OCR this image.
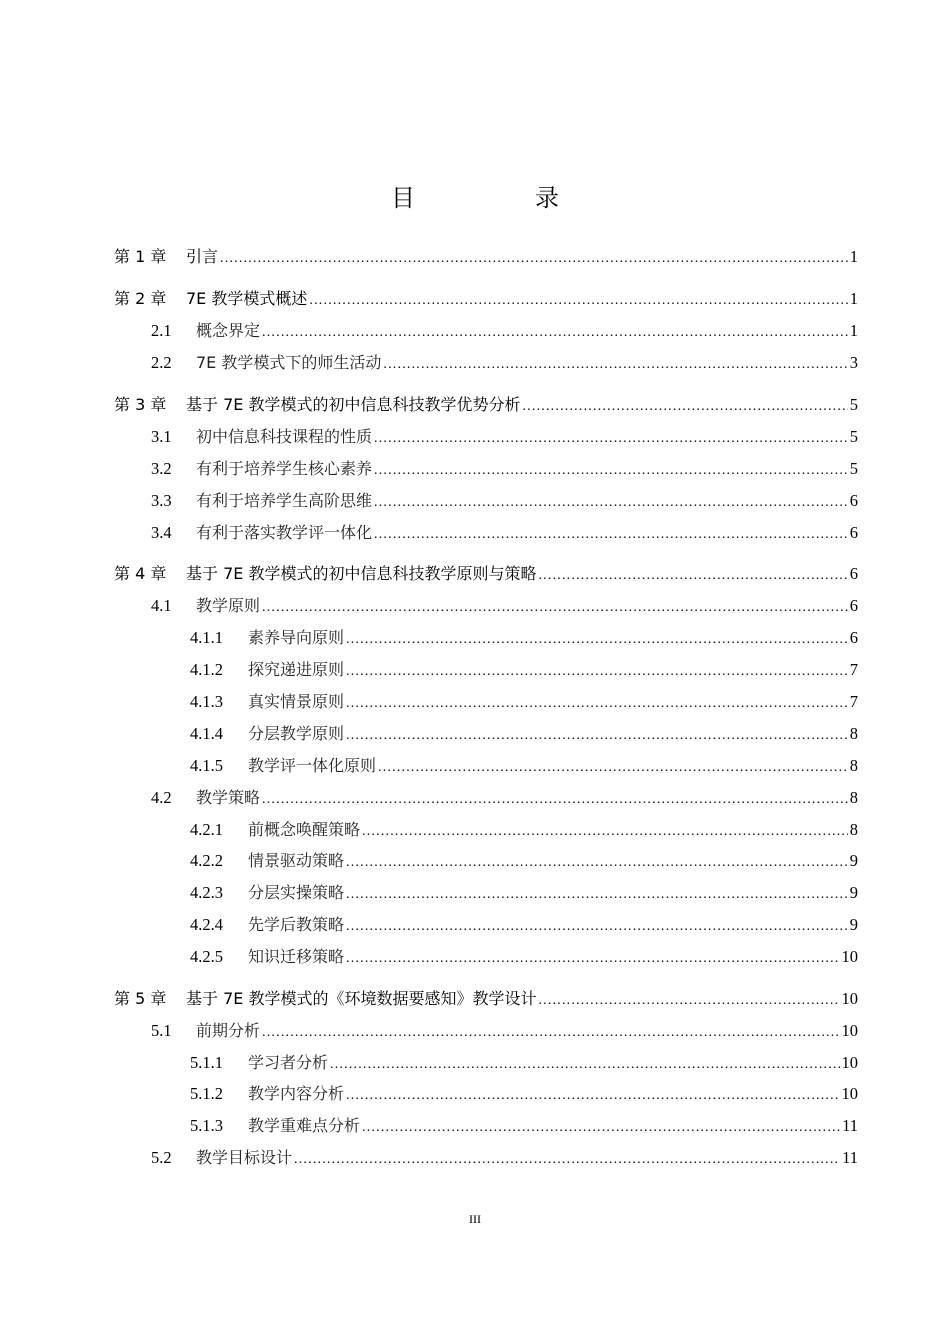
目　录
第 1 章	引言 .....	1
第 2 章	7E 教学模式概述 .....	1
2.1	概念界定 .....	1
2.2	7E 教学模式下的师生活动 .....	3
第 3 章	基于 7E 教学模式的初中信息科技教学优势分析 .....	5
3.1	初中信息科技课程的性质 .....	5
3.2	有利于培养学生核心素养 .....	5
3.3	有利于培养学生高阶思维 .....	6
3.4	有利于落实教学评一体化 .....	6
第 4 章	基于 7E 教学模式的初中信息科技教学原则与策略 .....	6
4.1	教学原则 .....	6
4.1.1	素养导向原则 .....	6
4.1.2	探究递进原则 .....	7
4.1.3	真实情景原则 .....	7
4.1.4	分层教学原则 .....	8
4.1.5	教学评一体化原则 .....	8
4.2	教学策略 .....	8
4.2.1	前概念唤醒策略 .....	8
4.2.2	情景驱动策略 .....	9
4.2.3	分层实操策略 .....	9
4.2.4	先学后教策略 .....	9
4.2.5	知识迁移策略 .....	10
第 5 章	基于 7E 教学模式的《环境数据要感知》教学设计 .....	10
5.1	前期分析 .....	10
5.1.1	学习者分析 .....	10
5.1.2	教学内容分析 .....	10
5.1.3	教学重难点分析 .....	11
5.2	教学目标设计 .....	11
III
